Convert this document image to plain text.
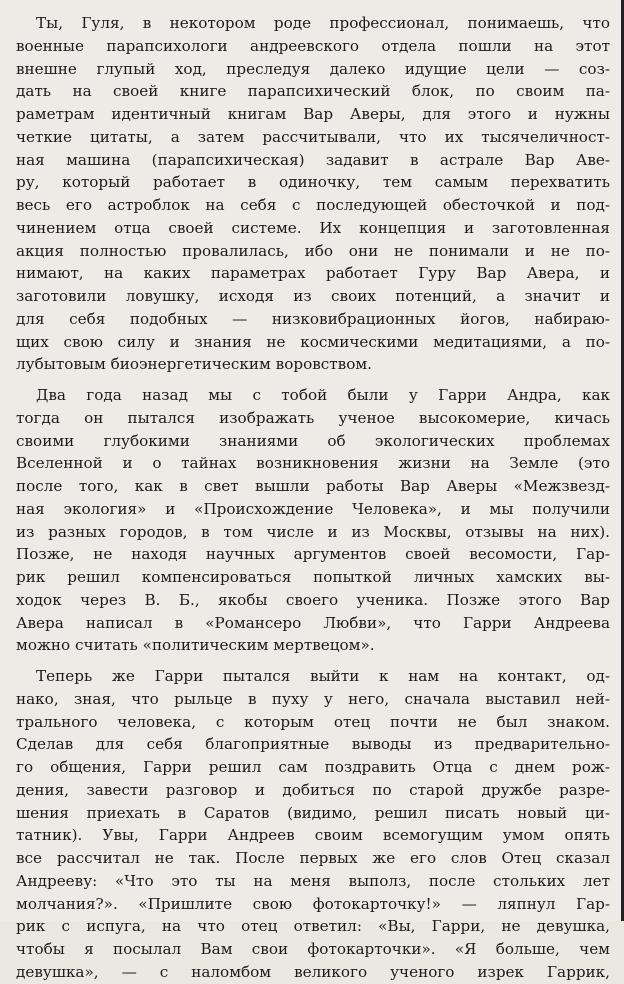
Ты, Гуля, в некотором роде профессионал, понимаешь, что
военные парапсихологи андреевского отдела пошли на этот
внешне глупый ход, преследуя далеко идущие цели — соз-
дать на своей книге парапсихический блок, по своим па-
раметрам идентичный книгам Вар Аверы, для этого и нужны
четкие цитаты, а затем рассчитывали, что их тысячеличност-
ная машина (парапсихическая) задавит в астрале Вар Аве-
ру, который работает в одиночку, тем самым перехватить
весь его астроблок на себя с последующей обесточкой и под-
чинением отца своей системе. Их концепция и заготовленная
акция полностью провалилась, ибо они не понимали и не по-
нимают, на каких параметрах работает Гуру Вар Авера, и
заготовили ловушку, исходя из своих потенций, а значит и
для себя подобных — низковибрационных йогов, набираю-
щих свою силу и знания не космическими медитациями, а по-
лубытовым биоэнергетическим воровством.
Два года назад мы с тобой были у Гарри Андра, как
тогда он пытался изображать ученое высокомерие, кичась
своими глубокими знаниями об экологических проблемах
Вселенной и о тайнах возникновения жизни на Земле (это
после того, как в свет вышли работы Вар Аверы «Межзвезд-
ная экология» и «Происхождение Человека», и мы получили
из разных городов, в том числе и из Москвы, отзывы на них).
Позже, не находя научных аргументов своей весомости, Гар-
рик решил компенсироваться попыткой личных хамских вы-
ходок через В. Б., якобы своего ученика. Позже этого Вар
Авера написал в «Романсеро Любви», что Гарри Андреева
можно считать «политическим мертвецом».
Теперь же Гарри пытался выйти к нам на контакт, од-
нако, зная, что рыльце в пуху у него, сначала выставил ней-
трального человека, с которым отец почти не был знаком.
Сделав для себя благоприятные выводы из предварительно-
го общения, Гарри решил сам поздравить Отца с днем рож-
дения, завести разговор и добиться по старой дружбе разре-
шения приехать в Саратов (видимо, решил писать новый ци-
татник). Увы, Гарри Андреев своим всемогущим умом опять
все рассчитал не так. После первых же его слов Отец сказал
Андрееву: «Что это ты на меня выполз, после стольких лет
молчания?». «Пришлите свою фотокарточку!» — ляпнул Гар-
рик с испуга, на что отец ответил: «Вы, Гарри, не девушка,
чтобы я посылал Вам свои фотокарточки». «Я больше, чем
девушка», — с наломбом великого ученого изрек Гаррик,
